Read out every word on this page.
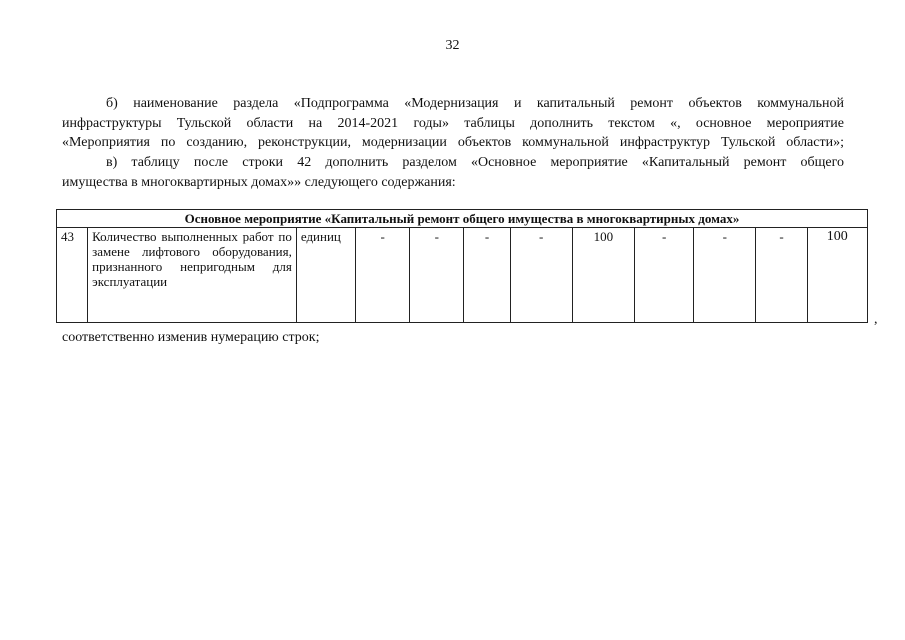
32
б) наименование раздела «Подпрограмма «Модернизация и капитальный ремонт объектов коммунальной
инфраструктуры Тульской области на 2014-2021 годы» таблицы дополнить текстом «, основное мероприятие
«Мероприятия по созданию, реконструкции, модернизации объектов коммунальной инфраструктур Тульской области»;
в) таблицу после строки 42 дополнить разделом «Основное мероприятие «Капитальный ремонт общего
имущества в многоквартирных домах»» следующего содержания:
Основное мероприятие «Капитальный ремонт общего имущества в многоквартирных домах»
43	Количество выполненных работ по замене лифтового оборудования, признанного непригодным для эксплуатации	единиц	-	-	-	-	100	-	-	-	100
,
соответственно изменив нумерацию строк;
